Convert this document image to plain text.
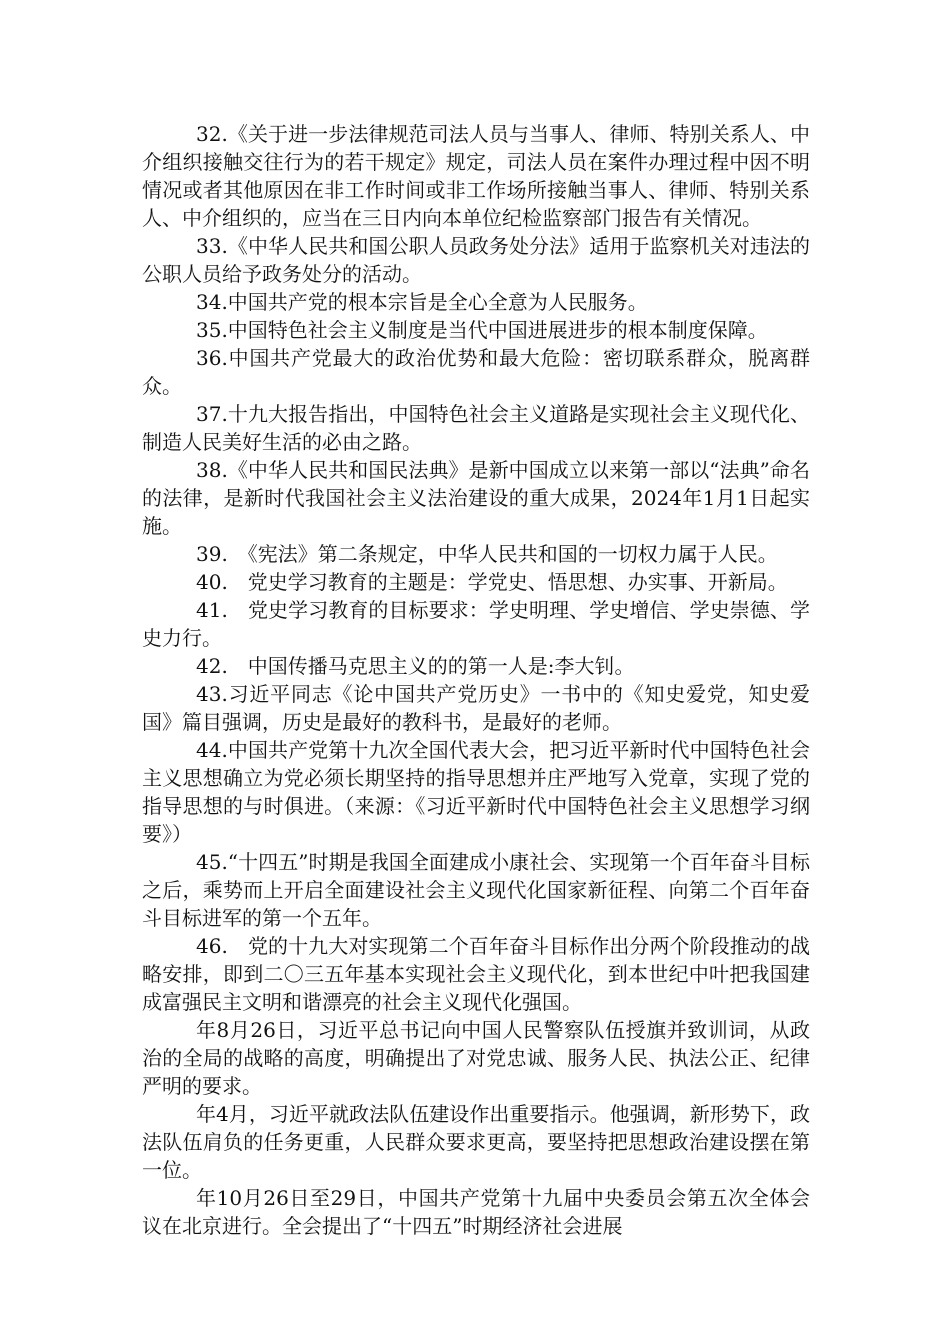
32.《关于进一步法律规范司法人员与当事人、律师、特别关系人、中介组织接触交往行为的若干规定》规定，司法人员在案件办理过程中因不明情况或者其他原因在非工作时间或非工作场所接触当事人、律师、特别关系人、中介组织的，应当在三日内向本单位纪检监察部门报告有关情况。

33.《中华人民共和国公职人员政务处分法》适用于监察机关对违法的公职人员给予政务处分的活动。

34.中国共产党的根本宗旨是全心全意为人民服务。

35.中国特色社会主义制度是当代中国进展进步的根本制度保障。

36.中国共产党最大的政治优势和最大危险：密切联系群众，脱离群众。

37.十九大报告指出，中国特色社会主义道路是实现社会主义现代化、制造人民美好生活的必由之路。

38.《中华人民共和国民法典》是新中国成立以来第一部以“法典”命名的法律，是新时代我国社会主义法治建设的重大成果，2024年1月1日起实施。

39.　《宪法》第二条规定，中华人民共和国的一切权力属于人民。

40.　党史学习教育的主题是：学党史、悟思想、办实事、开新局。

41.　党史学习教育的目标要求：学史明理、学史增信、学史崇德、学史力行。

42.　中国传播马克思主义的的第一人是:李大钊。

43.习近平同志《论中国共产党历史》一书中的《知史爱党，知史爱国》篇目强调，历史是最好的教科书，是最好的老师。

44.中国共产党第十九次全国代表大会，把习近平新时代中国特色社会主义思想确立为党必须长期坚持的指导思想并庄严地写入党章，实现了党的指导思想的与时俱进。（来源：《习近平新时代中国特色社会主义思想学习纲要》）

45.“十四五”时期是我国全面建成小康社会、实现第一个百年奋斗目标之后，乘势而上开启全面建设社会主义现代化国家新征程、向第二个百年奋斗目标进军的第一个五年。

46.　党的十九大对实现第二个百年奋斗目标作出分两个阶段推动的战略安排，即到二〇三五年基本实现社会主义现代化，到本世纪中叶把我国建成富强民主文明和谐漂亮的社会主义现代化强国。

年8月26日，习近平总书记向中国人民警察队伍授旗并致训词，从政治的全局的战略的高度，明确提出了对党忠诚、服务人民、执法公正、纪律严明的要求。

年4月，习近平就政法队伍建设作出重要指示。他强调，新形势下，政法队伍肩负的任务更重，人民群众要求更高，要坚持把思想政治建设摆在第一位。

年10月26日至29日，中国共产党第十九届中央委员会第五次全体会议在北京进行。全会提出了“十四五”时期经济社会进展
